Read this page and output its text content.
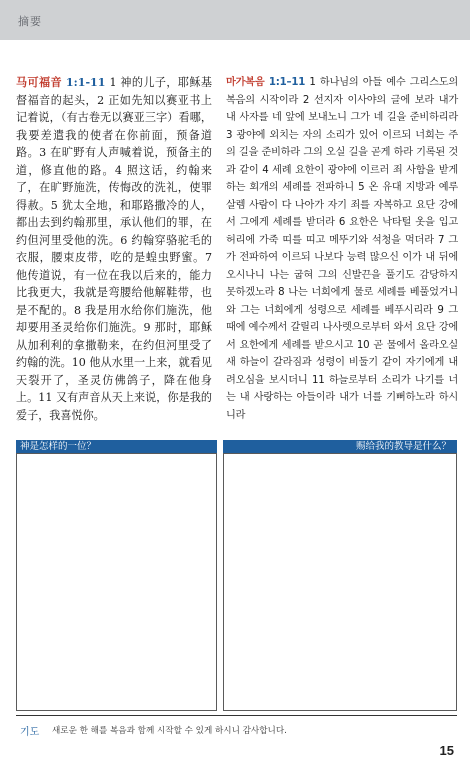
摘要

马可福音 1:1-11 1 神的儿子，耶稣基督福音的起头，2 正如先知以赛亚书上记着说，（有古卷无以赛亚三字）看哪，我要差遣我的使者在你前面，预备道路。3 在旷野有人声喊着说，预备主的道，修直他的路。4 照这话，约翰来了，在旷野施洗，传悔改的洗礼，使罪得赦。5 犹太全地，和耶路撒冷的人，都出去到约翰那里，承认他们的罪，在约但河里受他的洗。6 约翰穿骆驼毛的衣服，腰束皮带，吃的是蝗虫野蜜。7 他传道说，有一位在我以后来的，能力比我更大，我就是弯腰给他解鞋带，也是不配的。8 我是用水给你们施洗，他却要用圣灵给你们施洗。9 那时，耶稣从加利利的拿撒勒来，在约但河里受了约翰的洗。10 他从水里一上来，就看见天裂开了，圣灵仿佛鸽子，降在他身上。11 又有声音从天上来说，你是我的爱子，我喜悦你。

마가복음 1:1–11 1 하나님의 아들 예수 그리스도의 복음의 시작이라 2 선지자 이사야의 글에 보라 내가 내 사자를 네 앞에 보내노니 그가 네 길을 준비하리라 3 광야에 외치는 자의 소리가 있어 이르되 너희는 주의 길을 준비하라 그의 오실 길을 곧게 하라 기록된 것과 같이 4 세례 요한이 광야에 이르러 죄 사함을 받게 하는 회개의 세례를 전파하니 5 온 유대 지방과 예루살렘 사람이 다 나아가 자기 죄를 자복하고 요단 강에서 그에게 세례를 받더라 6 요한은 낙타털 옷을 입고 허리에 가죽 띠를 띠고 메뚜기와 석청을 먹더라 7 그가 전파하여 이르되 나보다 능력 많으신 이가 내 뒤에 오시나니 나는 굽혀 그의 신발끈을 풀기도 감당하지 못하겠노라 8 나는 너희에게 물로 세례를 베풀었거니와 그는 너희에게 성령으로 세례를 베푸시리라 9 그 때에 예수께서 갈릴리 나사렛으로부터 와서 요단 강에서 요한에게 세례를 받으시고 10 곧 물에서 올라오실새 하늘이 갈라짐과 성령이 비둘기 같이 자기에게 내려오심을 보시더니 11 하늘로부터 소리가 나기를 너는 내 사랑하는 아들이라 내가 너를 기뻐하노라 하시니라

神是怎样的一位？	赐给我的教导是什么？
기도 새로운 한 해를 복음과 함께 시작할 수 있게 하시니 감사합니다.
15
